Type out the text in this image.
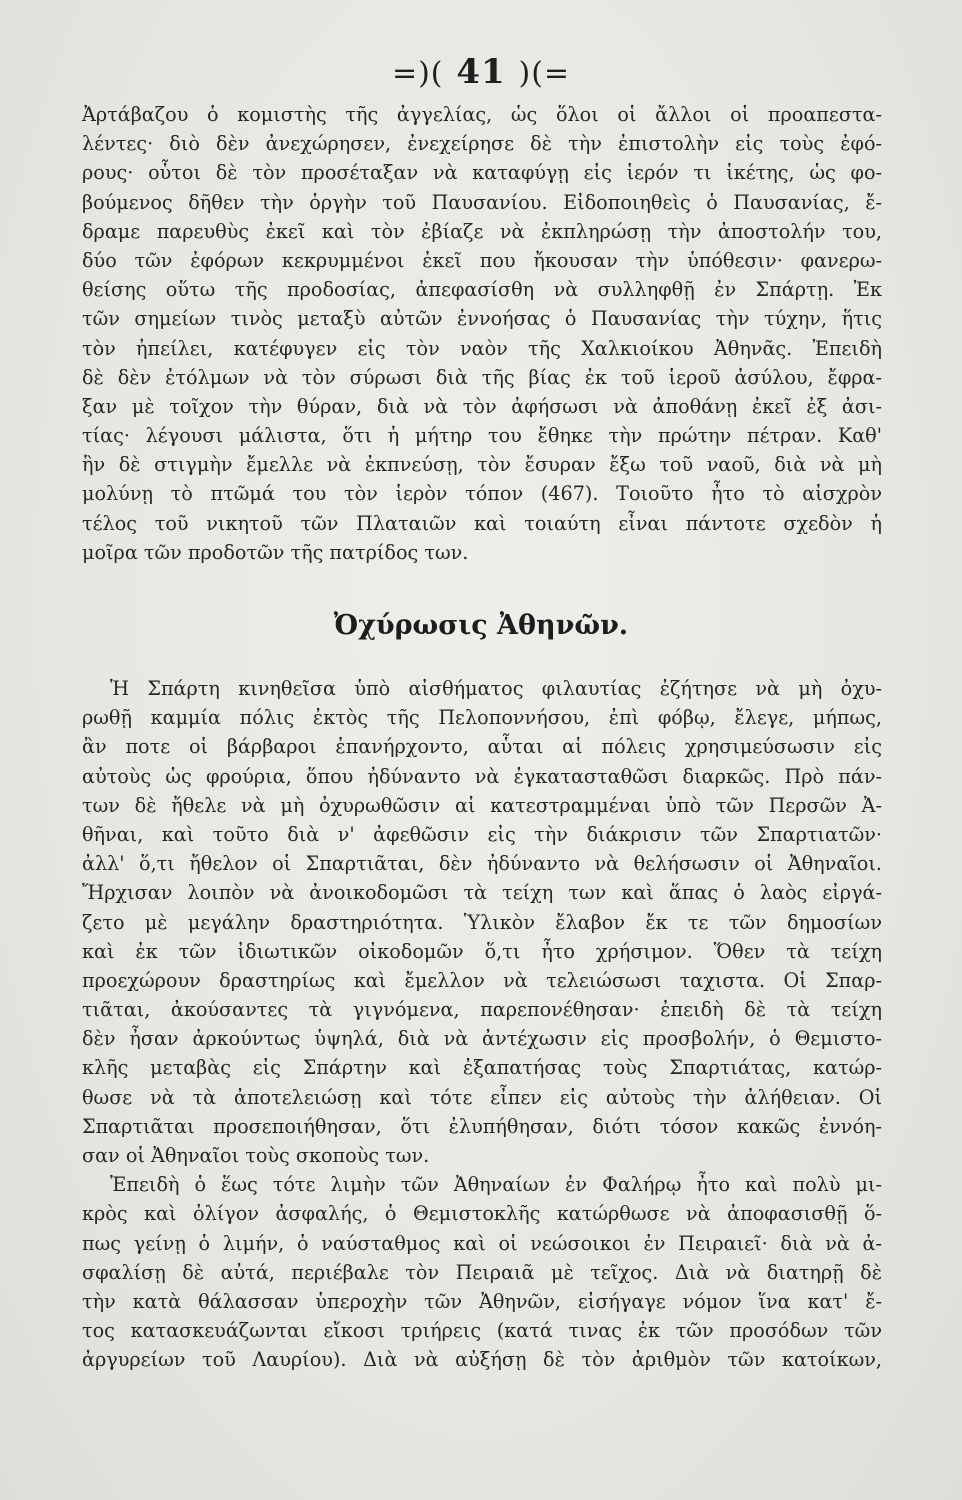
=)( 41 )(=
Ἀρτάβαζου ὁ κομιστὴς τῆς ἀγγελίας, ὡς ὅλοι οἱ ἄλλοι οἱ προαπεστα-
λέντες· διὸ δὲν ἀνεχώρησεν, ἐνεχείρησε δὲ τὴν ἐπιστολὴν εἰς τοὺς ἐφό-
ρους· οὗτοι δὲ τὸν προσέταξαν νὰ καταφύγῃ εἰς ἱερόν τι ἱκέτης, ὡς φο-
βούμενος δῆθεν τὴν ὀργὴν τοῦ Παυσανίου. Εἰδοποιηθεὶς ὁ Παυσανίας, ἔ-
δραμε παρευθὺς ἐκεῖ καὶ τὸν ἐβίαζε νὰ ἐκπληρώσῃ τὴν ἀποστολήν του,
δύο τῶν ἐφόρων κεκρυμμένοι ἐκεῖ που ἤκουσαν τὴν ὑπόθεσιν· φανερω-
θείσης οὕτω τῆς προδοσίας, ἀπεφασίσθη νὰ συλληφθῇ ἐν Σπάρτῃ. Ἐκ
τῶν σημείων τινὸς μεταξὺ αὐτῶν ἐννοήσας ὁ Παυσανίας τὴν τύχην, ἥτις
τὸν ἠπείλει, κατέφυγεν εἰς τὸν ναὸν τῆς Χαλκιοίκου Ἀθηνᾶς. Ἐπειδὴ
δὲ δὲν ἐτόλμων νὰ τὸν σύρωσι διὰ τῆς βίας ἐκ τοῦ ἱεροῦ ἀσύλου, ἔφρα-
ξαν μὲ τοῖχον τὴν θύραν, διὰ νὰ τὸν ἀφήσωσι νὰ ἀποθάνῃ ἐκεῖ ἐξ ἀσι-
τίας· λέγουσι μάλιστα, ὅτι ἡ μήτηρ του ἔθηκε τὴν πρώτην πέτραν. Καθ'
ἣν δὲ στιγμὴν ἔμελλε νὰ ἐκπνεύσῃ, τὸν ἔσυραν ἔξω τοῦ ναοῦ, διὰ νὰ μὴ
μολύνῃ τὸ πτῶμά του τὸν ἱερὸν τόπον (467). Τοιοῦτο ἦτο τὸ αἰσχρὸν
τέλος τοῦ νικητοῦ τῶν Πλαταιῶν καὶ τοιαύτη εἶναι πάντοτε σχεδὸν ἡ
μοῖρα τῶν προδοτῶν τῆς πατρίδος των.
Ὀχύρωσις Ἀθηνῶν.
Ἡ Σπάρτη κινηθεῖσα ὑπὸ αἰσθήματος φιλαυτίας ἐζήτησε νὰ μὴ ὀχυ-
ρωθῇ καμμία πόλις ἐκτὸς τῆς Πελοποννήσου, ἐπὶ φόβῳ, ἔλεγε, μήπως,
ἂν ποτε οἱ βάρβαροι ἐπανήρχοντο, αὗται αἱ πόλεις χρησιμεύσωσιν εἰς
αὐτοὺς ὡς φρούρια, ὅπου ἠδύναντο νὰ ἐγκατασταθῶσι διαρκῶς. Πρὸ πάν-
των δὲ ἤθελε νὰ μὴ ὀχυρωθῶσιν αἱ κατεστραμμέναι ὑπὸ τῶν Περσῶν Ἀ-
θῆναι, καὶ τοῦτο διὰ ν' ἀφεθῶσιν εἰς τὴν διάκρισιν τῶν Σπαρτιατῶν·
ἀλλ' ὅ,τι ἤθελον οἱ Σπαρτιᾶται, δὲν ἠδύναντο νὰ θελήσωσιν οἱ Ἀθηναῖοι.
Ἤρχισαν λοιπὸν νὰ ἀνοικοδομῶσι τὰ τείχη των καὶ ἅπας ὁ λαὸς εἰργά-
ζετο μὲ μεγάλην δραστηριότητα. Ὑλικὸν ἔλαβον ἔκ τε τῶν δημοσίων
καὶ ἐκ τῶν ἰδιωτικῶν οἰκοδομῶν ὅ,τι ἦτο χρήσιμον. Ὅθεν τὰ τείχη
προεχώρουν δραστηρίως καὶ ἔμελλον νὰ τελειώσωσι ταχιστα. Οἱ Σπαρ-
τιᾶται, ἀκούσαντες τὰ γιγνόμενα, παρεπονέθησαν· ἐπειδὴ δὲ τὰ τείχη
δὲν ἦσαν ἀρκούντως ὑψηλά, διὰ νὰ ἀντέχωσιν εἰς προσβολήν, ὁ Θεμιστο-
κλῆς μεταβὰς εἰς Σπάρτην καὶ ἐξαπατήσας τοὺς Σπαρτιάτας, κατώρ-
θωσε νὰ τὰ ἀποτελειώσῃ καὶ τότε εἶπεν εἰς αὐτοὺς τὴν ἀλήθειαν. Οἱ
Σπαρτιᾶται προσεποιήθησαν, ὅτι ἐλυπήθησαν, διότι τόσον κακῶς ἐννόη-
σαν οἱ Ἀθηναῖοι τοὺς σκοποὺς των.
Ἐπειδὴ ὁ ἕως τότε λιμὴν τῶν Ἀθηναίων ἐν Φαλήρῳ ἦτο καὶ πολὺ μι-
κρὸς καὶ ὀλίγον ἀσφαλής, ὁ Θεμιστοκλῆς κατώρθωσε νὰ ἀποφασισθῇ ὅ-
πως γείνῃ ὁ λιμήν, ὁ ναύσταθμος καὶ οἱ νεώσοικοι ἐν Πειραιεῖ· διὰ νὰ ἀ-
σφαλίσῃ δὲ αὐτά, περιέβαλε τὸν Πειραιᾶ μὲ τεῖχος. Διὰ νὰ διατηρῇ δὲ
τὴν κατὰ θάλασσαν ὑπεροχὴν τῶν Ἀθηνῶν, εἰσήγαγε νόμον ἵνα κατ' ἔ-
τος κατασκευάζωνται εἴκοσι τριήρεις (κατά τινας ἐκ τῶν προσόδων τῶν
ἀργυρείων τοῦ Λαυρίου). Διὰ νὰ αὐξήσῃ δὲ τὸν ἀριθμὸν τῶν κατοίκων,
